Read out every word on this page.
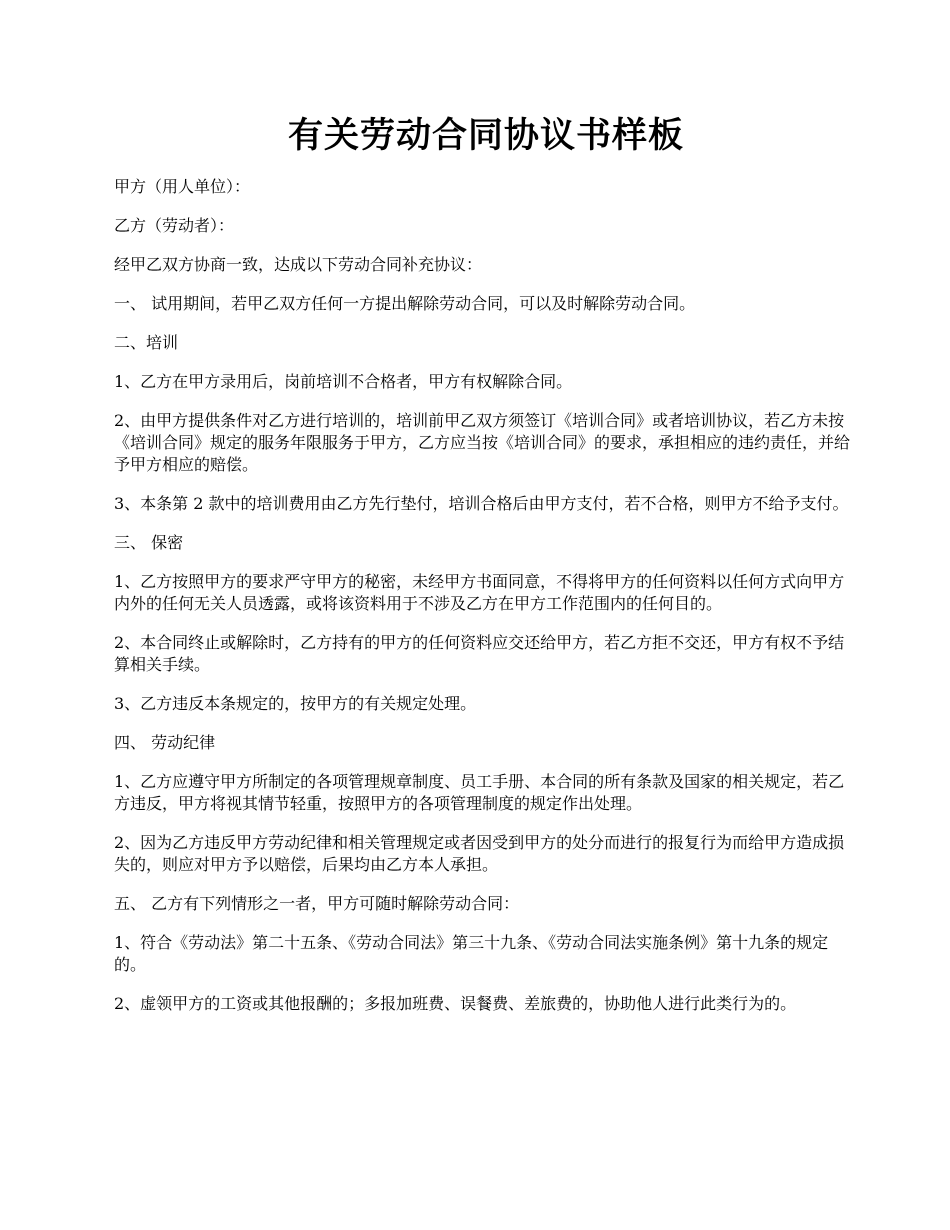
有关劳动合同协议书样板

甲方（用人单位）：

乙方（劳动者）：

经甲乙双方协商一致，达成以下劳动合同补充协议：

一、 试用期间，若甲乙双方任何一方提出解除劳动合同，可以及时解除劳动合同。

二、培训

1、乙方在甲方录用后，岗前培训不合格者，甲方有权解除合同。

2、由甲方提供条件对乙方进行培训的，培训前甲乙双方须签订《培训合同》或者培训协议，若乙方未按《培训合同》规定的服务年限服务于甲方，乙方应当按《培训合同》的要求，承担相应的违约责任，并给予甲方相应的赔偿。

3、本条第 2 款中的培训费用由乙方先行垫付，培训合格后由甲方支付，若不合格，则甲方不给予支付。

三、 保密

1、乙方按照甲方的要求严守甲方的秘密，未经甲方书面同意，不得将甲方的任何资料以任何方式向甲方内外的任何无关人员透露，或将该资料用于不涉及乙方在甲方工作范围内的任何目的。

2、本合同终止或解除时，乙方持有的甲方的任何资料应交还给甲方，若乙方拒不交还，甲方有权不予结算相关手续。

3、乙方违反本条规定的，按甲方的有关规定处理。

四、 劳动纪律

1、乙方应遵守甲方所制定的各项管理规章制度、员工手册、本合同的所有条款及国家的相关规定，若乙方违反，甲方将视其情节轻重，按照甲方的各项管理制度的规定作出处理。

2、因为乙方违反甲方劳动纪律和相关管理规定或者因受到甲方的处分而进行的报复行为而给甲方造成损失的，则应对甲方予以赔偿，后果均由乙方本人承担。

五、 乙方有下列情形之一者，甲方可随时解除劳动合同：

1、符合《劳动法》第二十五条、《劳动合同法》第三十九条、《劳动合同法实施条例》第十九条的规定的。

2、虚领甲方的工资或其他报酬的；多报加班费、误餐费、差旅费的，协助他人进行此类行为的。
